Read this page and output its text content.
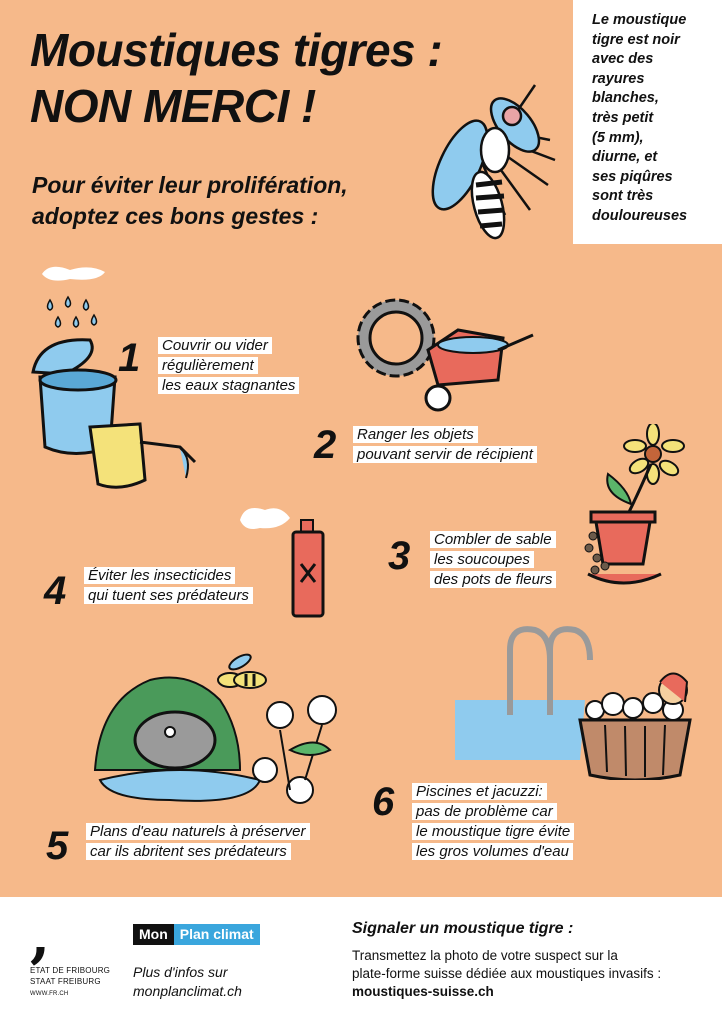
Moustiques tigres :
NON MERCI !
Pour éviter leur prolifération,
adoptez ces bons gestes :
Le moustique
tigre est noir
avec des
rayures
blanches,
très petit
(5 mm),
diurne, et
ses piqûres
sont très
douloureuses
1 Couvrir ou vider
régulièrement
les eaux stagnantes
2 Ranger les objets
pouvant servir de récipient
3 Combler de sable
les soucoupes
des pots de fleurs
4 Éviter les insecticides
qui tuent ses prédateurs
5 Plans d'eau naturels à préserver
car ils abritent ses prédateurs
6 Piscines et jacuzzi:
pas de problème car
le moustique tigre évite
les gros volumes d'eau
,
ETAT DE FRIBOURG
STAAT FREIBURG
WWW.FR.CH
Mon Plan climat
Plus d'infos sur
monplanclimat.ch
Signaler un moustique tigre :
Transmettez la photo de votre suspect sur la
plate-forme suisse dédiée aux moustiques invasifs :
moustiques-suisse.ch
